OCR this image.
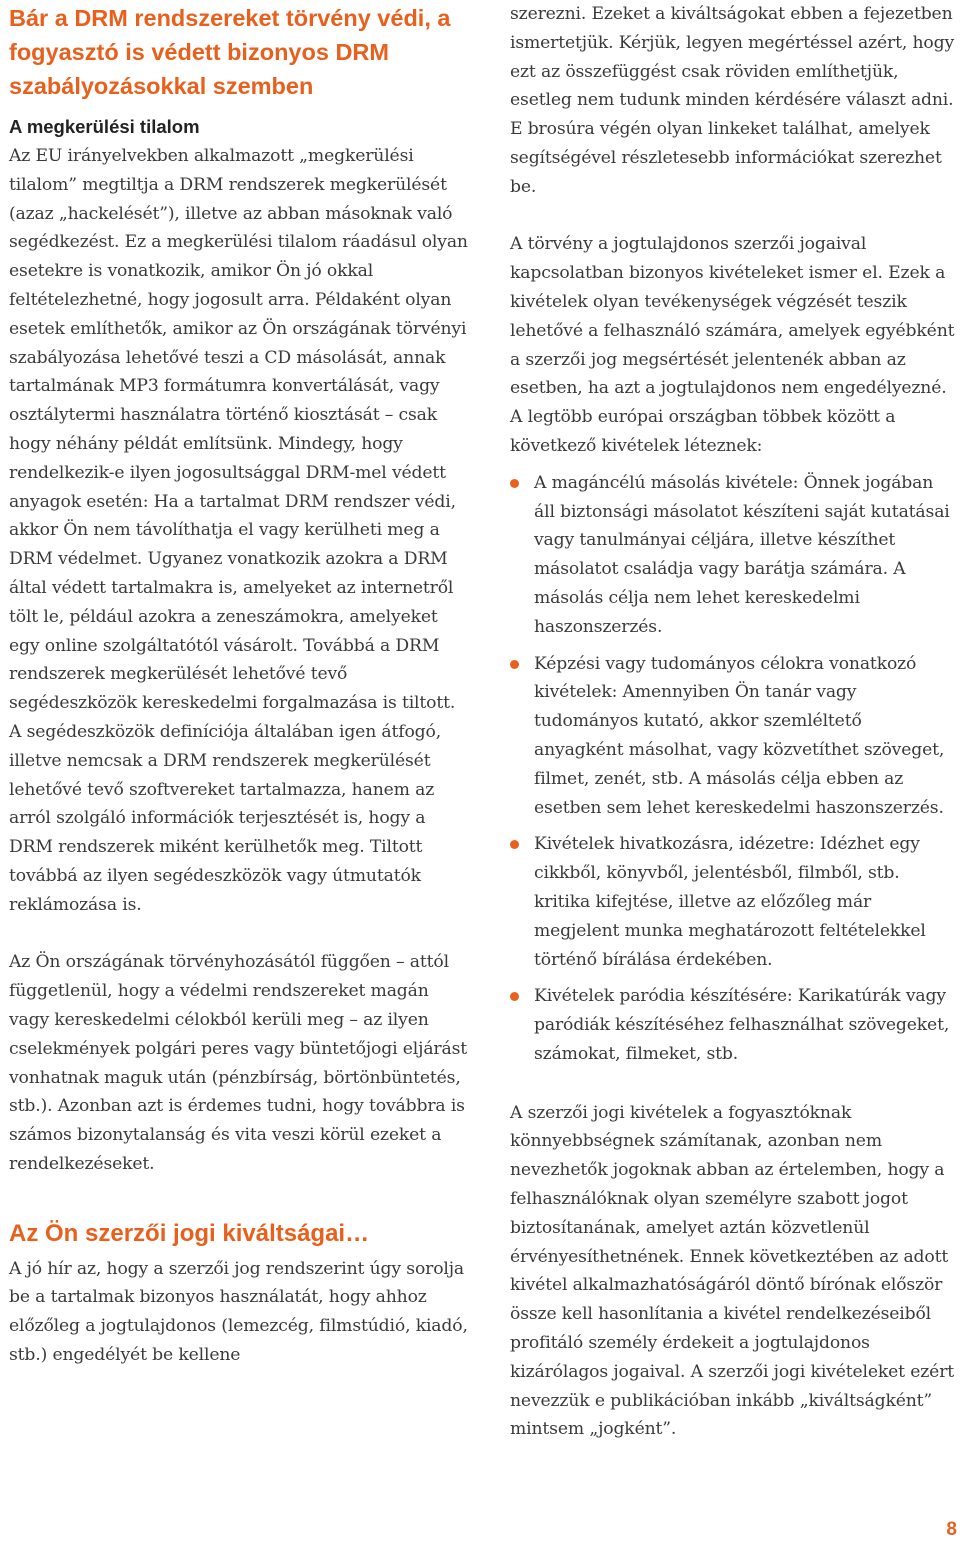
Bár a DRM rendszereket törvény védi, a fogyasztó is védett bizonyos DRM szabályozásokkal szemben
A megkerülési tilalom

Az EU irányelvekben alkalmazott „megkerülési tilalom” megtiltja a DRM rendszerek megkerülését (azaz „hackelését”), illetve az abban másoknak való segédkezést. Ez a megkerülési tilalom ráadásul olyan esetekre is vonatkozik, amikor Ön jó okkal feltételezhetné, hogy jogosult arra. Példaként olyan esetek említhetők, amikor az Ön országának törvényi szabályozása lehetővé teszi a CD másolását, annak tartalmának MP3 formátumra konvertálását, vagy osztálytermi használatra történő kiosztását – csak hogy néhány példát említsünk. Mindegy, hogy rendelkezik-e ilyen jogosultsággal DRM-mel védett anyagok esetén: Ha a tartalmat DRM rendszer védi, akkor Ön nem távolíthatja el vagy kerülheti meg a DRM védelmet. Ugyanez vonatkozik azokra a DRM által védett tartalmakra is, amelyeket az internetről tölt le, például azokra a zeneszámokra, amelyeket egy online szolgáltatótól vásárolt. Továbbá a DRM rendszerek megkerülését lehetővé tevő segédeszközök kereskedelmi forgalmazása is tiltott. A segédeszközök definíciója általában igen átfogó, illetve nemcsak a DRM rendszerek megkerülését lehetővé tevő szoftvereket tartalmazza, hanem az arról szolgáló információk terjesztését is, hogy a DRM rendszerek miként kerülhetők meg. Tiltott továbbá az ilyen segédeszközök vagy útmutatók reklámozása is.

Az Ön országának törvényhozásától függően – attól függetlenül, hogy a védelmi rendszereket magán vagy kereskedelmi célokból kerüli meg – az ilyen cselekmények polgári peres vagy büntetőjogi eljárást vonhatnak maguk után (pénzbírság, börtönbüntetés, stb.). Azonban azt is érdemes tudni, hogy továbbra is számos bizonytalanság és vita veszi körül ezeket a rendelkezéseket.

Az Ön szerzői jogi kiváltságai…

A jó hír az, hogy a szerzői jog rendszerint úgy sorolja be a tartalmak bizonyos használatát, hogy ahhoz előzőleg a jogtulajdonos (lemezcég, filmstúdió, kiadó, stb.) engedélyét be kellene

szerezni. Ezeket a kiváltságokat ebben a fejezetben ismertetjük. Kérjük, legyen megértéssel azért, hogy ezt az összefüggést csak röviden említhetjük, esetleg nem tudunk minden kérdésére választ adni. E brosúra végén olyan linkeket találhat, amelyek segítségével részletesebb információkat szerezhet be.

A törvény a jogtulajdonos szerzői jogaival kapcsolatban bizonyos kivételeket ismer el. Ezek a kivételek olyan tevékenységek végzését teszik lehetővé a felhasználó számára, amelyek egyébként a szerzői jog megsértését jelentenék abban az esetben, ha azt a jogtulajdonos nem engedélyezné. A legtöbb európai országban többek között a következő kivételek léteznek:

A magáncélú másolás kivétele: Önnek jogában áll biztonsági másolatot készíteni saját kutatásai vagy tanulmányai céljára, illetve készíthet másolatot családja vagy barátja számára. A másolás célja nem lehet kereskedelmi haszonszerzés.
Képzési vagy tudományos célokra vonatkozó kivételek: Amennyiben Ön tanár vagy tudományos kutató, akkor szemléltető anyagként másolhat, vagy közvetíthet szöveget, filmet, zenét, stb. A másolás célja ebben az esetben sem lehet kereskedelmi haszonszerzés.
Kivételek hivatkozásra, idézetre: Idézhet egy cikkből, könyvből, jelentésből, filmből, stb. kritika kifejtése, illetve az előzőleg már megjelent munka meghatározott feltételekkel történő bírálása érdekében.
Kivételek paródia készítésére: Karikatúrák vagy paródiák készítéséhez felhasználhat szövegeket, számokat, filmeket, stb.

A szerzői jogi kivételek a fogyasztóknak könnyebbségnek számítanak, azonban nem nevezhetők jogoknak abban az értelemben, hogy a felhasználóknak olyan személyre szabott jogot biztosítanának, amelyet aztán közvetlenül érvényesíthetnének. Ennek következtében az adott kivétel alkalmazhatóságáról döntő bírónak először össze kell hasonlítania a kivétel rendelkezéseiből profitáló személy érdekeit a jogtulajdonos kizárólagos jogaival. A szerzői jogi kivételeket ezért nevezzük e publikációban inkább „kiváltságként” mintsem „jogként”.

8
